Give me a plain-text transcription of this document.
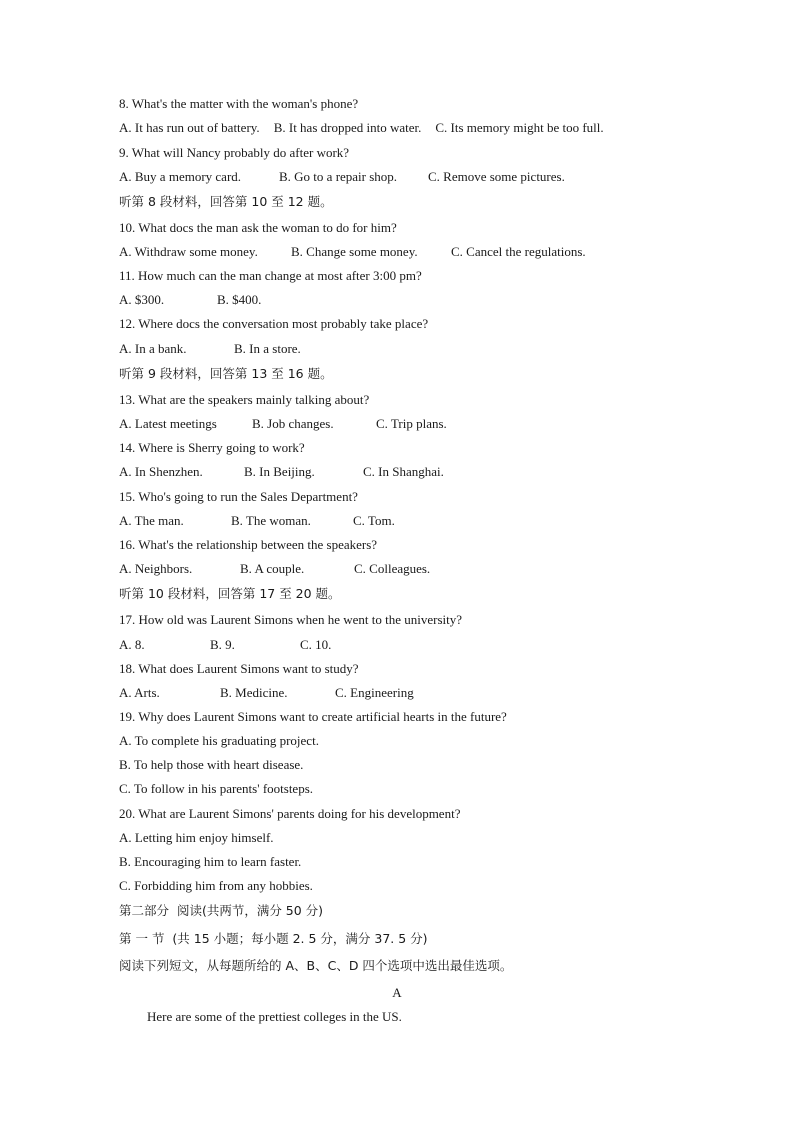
8. What's the matter with the woman's phone?
A. It has run out of battery. B. It has dropped into water. C. Its memory might be too full.
9. What will Nancy probably do after work?
A. Buy a memory card.	B. Go to a repair shop. C. Remove some pictures.
听第 8 段材料，回答第 10 至 12 题。
10. What docs the man ask the woman to do for him?
A. Withdraw some money.	B. Change some money.	C. Cancel the regulations.
11. How much can the man change at most after 3:00 pm?
A. $300.	B. $400.
12. Where docs the conversation most probably take place?
A. In a bank.	B. In a store.
听第 9 段材料，回答第 13 至 16 题。
13. What are the speakers mainly talking about?
A. Latest meetings	B. Job changes.	C. Trip plans.
14. Where is Sherry going to work?
A. In Shenzhen.	B. In Beijing.	C. In Shanghai.
15. Who's going to run the Sales Department?
A. The man.	B. The woman.	C. Tom.
16. What's the relationship between the speakers?
A. Neighbors.	B. A couple.	C. Colleagues.
听第 10 段材料，回答第 17 至 20 题。
17. How old was Laurent Simons when he went to the university?
A. 8.	B. 9.	C. 10.
18. What does Laurent Simons want to study?
A. Arts.	B. Medicine.	C. Engineering
19. Why does Laurent Simons want to create artificial hearts in the future?
A. To complete his graduating project.
B. To help those with heart disease.
C. To follow in his parents' footsteps.
20. What are Laurent Simons' parents doing for his development?
A. Letting him enjoy himself.
B. Encouraging him to learn faster.
C. Forbidding him from any hobbies.
第二部分  阅读(共两节，满分 50 分)
第 一 节  (共 15 小题；每小题 2. 5 分，满分 37. 5 分)
阅读下列短文，从每题所给的 A、B、C、D 四个选项中选出最佳选项。
A
Here are some of the prettiest colleges in the US.
